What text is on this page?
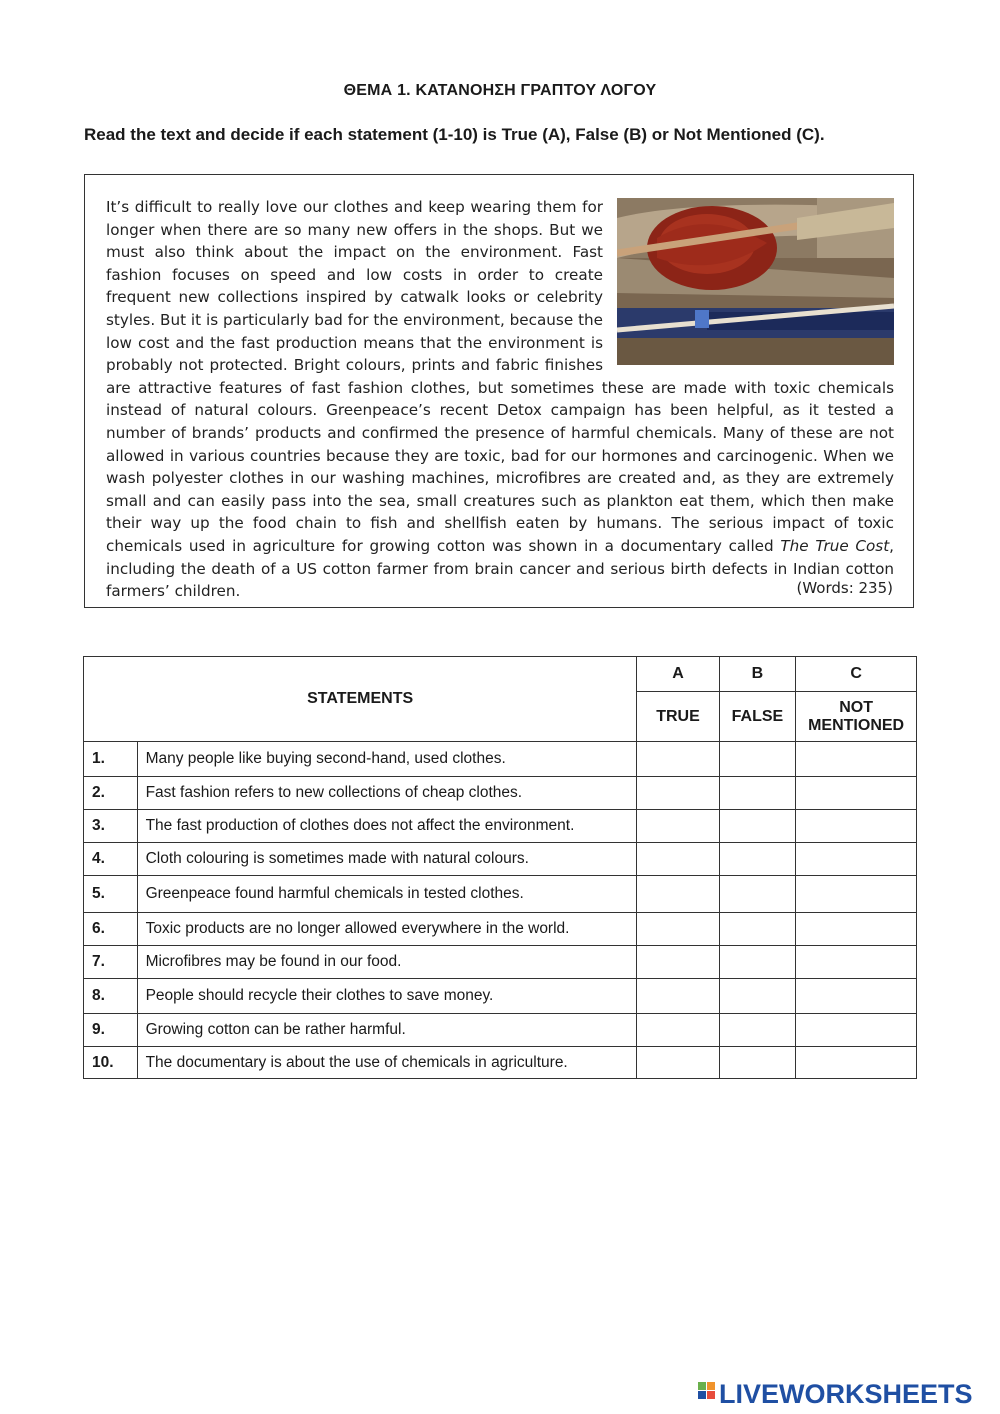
ΘΕΜΑ 1. ΚΑΤΑΝΟΗΣΗ ΓΡΑΠΤΟΥ ΛΟΓΟΥ
Read the text and decide if each statement (1-10) is True (A), False (B) or Not Mentioned (C).
It’s difficult to really love our clothes and keep wearing them for longer when there are so many new offers in the shops. But we must also think about the impact on the environment. Fast fashion focuses on speed and low costs in order to create frequent new collections inspired by catwalk looks or celebrity styles. But it is particularly bad for the environment, because the low cost and the fast production means that the environment is probably not protected. Bright colours, prints and fabric finishes are attractive features of fast fashion clothes, but sometimes these are made with toxic chemicals instead of natural colours. Greenpeace’s recent Detox campaign has been helpful, as it tested a number of brands’ products and confirmed the presence of harmful chemicals. Many of these are not allowed in various countries because they are toxic, bad for our hormones and carcinogenic. When we wash polyester clothes in our washing machines, microfibres are created and, as they are extremely small and can easily pass into the sea, small creatures such as plankton eat them, which then make their way up the food chain to fish and shellfish eaten by humans. The serious impact of toxic chemicals used in agriculture for growing cotton was shown in a documentary called The True Cost, including the death of a US cotton farmer from brain cancer and serious birth defects in Indian cotton farmers’ children.	(Words: 235)
STATEMENTS		A	B	C
		TRUE	FALSE	NOT MENTIONED
1.	Many people like buying second-hand, used clothes.			
2.	Fast fashion refers to new collections of cheap clothes.			
3.	The fast production of clothes does not affect the environment.			
4.	Cloth colouring is sometimes made with natural colours.			
5.	Greenpeace found harmful chemicals in tested clothes.			
6.	Toxic products are no longer allowed everywhere in the world.			
7.	Microfibres may be found in our food.			
8.	People should recycle their clothes to save money.			
9.	Growing cotton can be rather harmful.			
10.	The documentary is about the use of chemicals in agriculture.			
LIVEWORKSHEETS
